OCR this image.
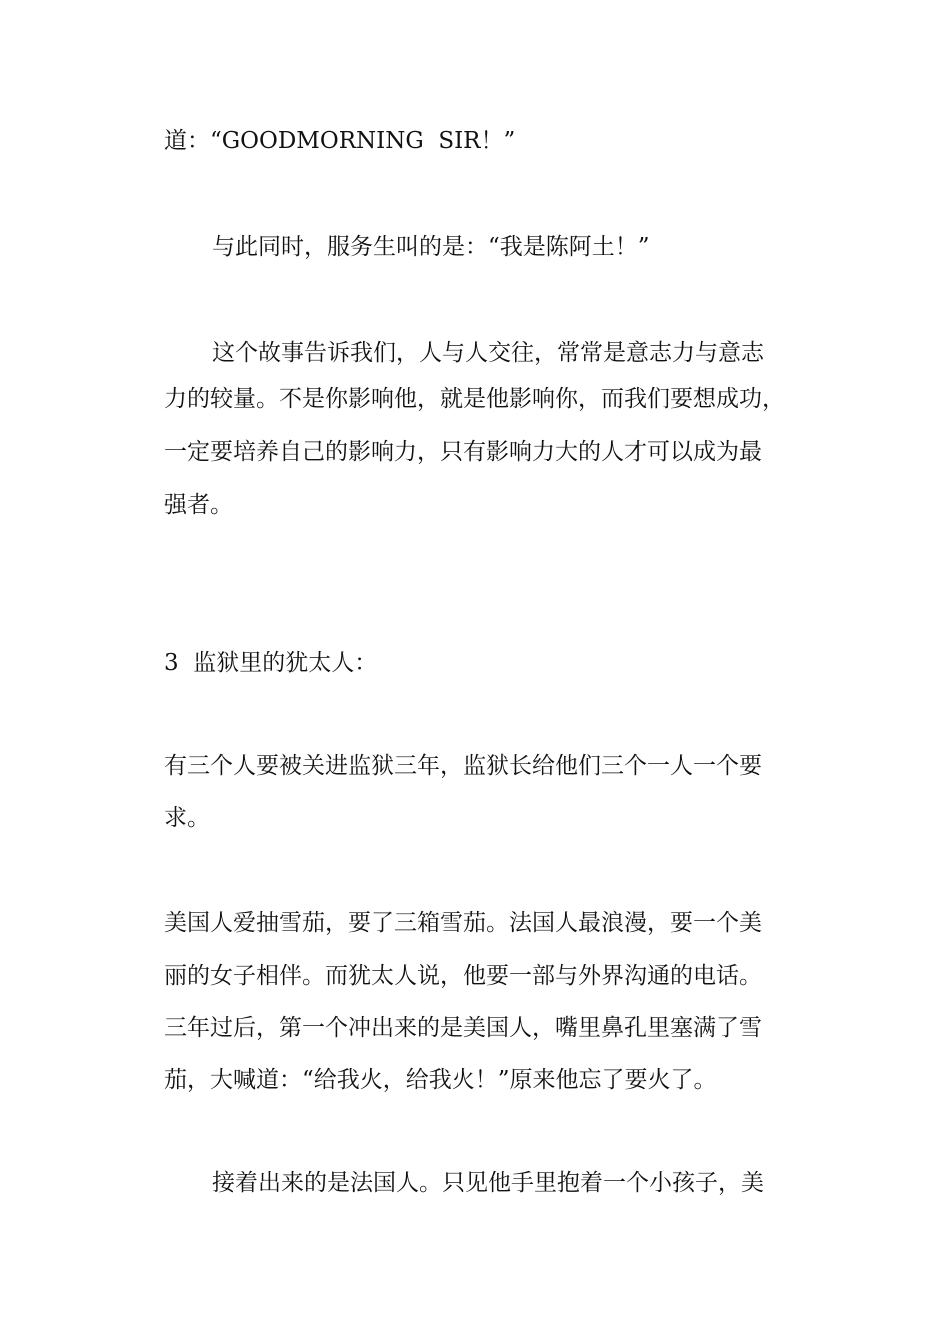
道：“GOODMORNING  SIR！”
与此同时，服务生叫的是：“我是陈阿土！”
这个故事告诉我们，人与人交往，常常是意志力与意志
力的较量。不是你影响他，就是他影响你，而我们要想成功，
一定要培养自己的影响力，只有影响力大的人才可以成为最
强者。
3  监狱里的犹太人：
有三个人要被关进监狱三年，监狱长给他们三个一人一个要
求。
美国人爱抽雪茄，要了三箱雪茄。法国人最浪漫，要一个美
丽的女子相伴。而犹太人说，他要一部与外界沟通的电话。
三年过后，第一个冲出来的是美国人，嘴里鼻孔里塞满了雪
茄，大喊道：“给我火，给我火！”原来他忘了要火了。
接着出来的是法国人。只见他手里抱着一个小孩子，美
